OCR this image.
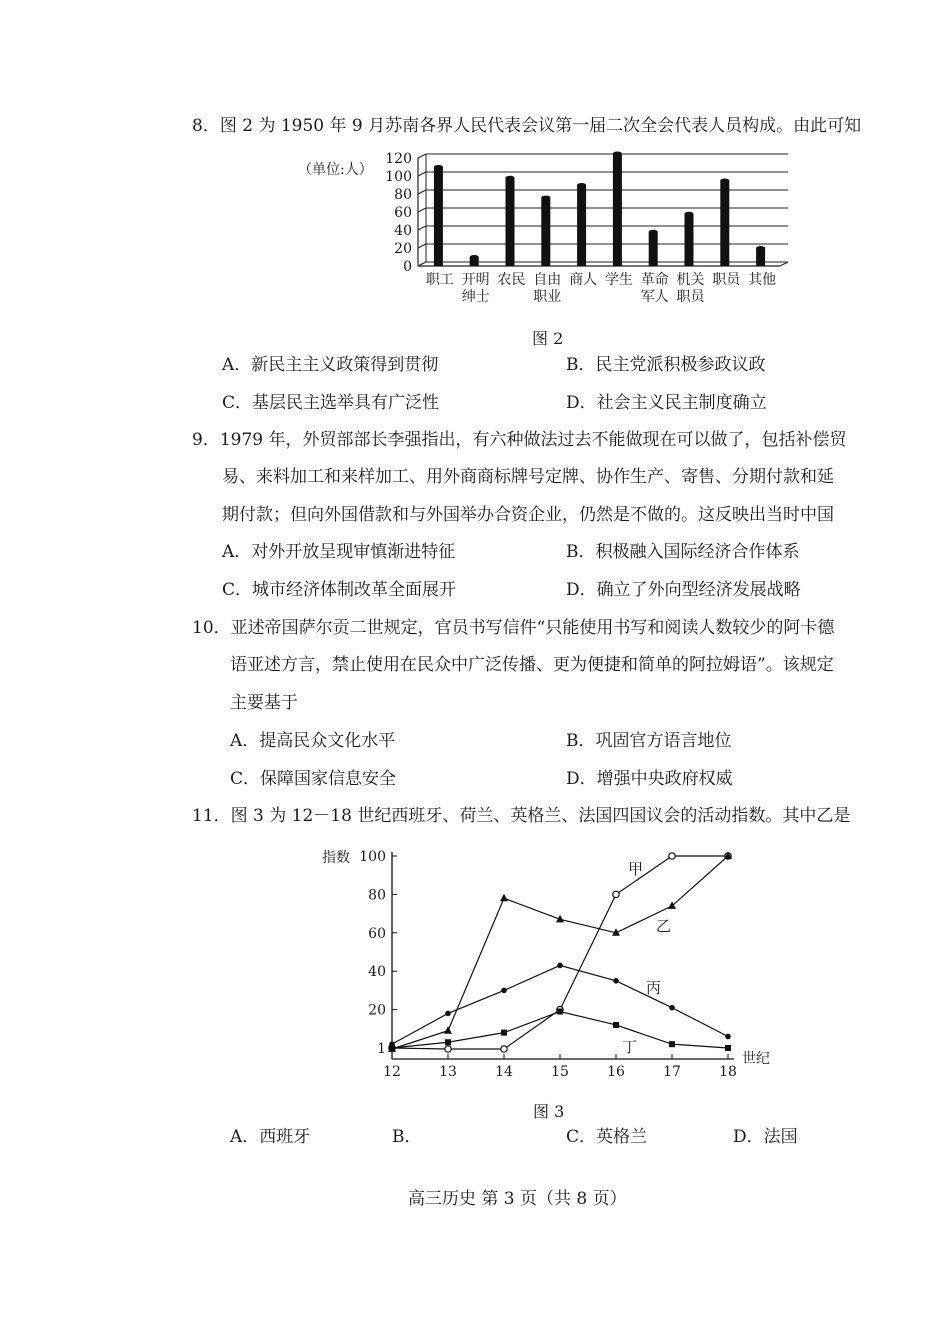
8．图 2 为 1950 年 9 月苏南各界人民代表会议第一届二次全会代表人员构成。由此可知
0
20
40
60
80
100
120
（单位:人）
职工 开明
绅士
农民 自由
职业
商人 学生 革命
军人
机关
职员
职员 其他
图 2
A．新民主主义政策得到贯彻	B．民主党派积极参政议政
C．基层民主选举具有广泛性	D．社会主义民主制度确立
9．1979 年，外贸部部长李强指出，有六种做法过去不能做现在可以做了，包括补偿贸
易、来料加工和来样加工、用外商商标牌号定牌、协作生产、寄售、分期付款和延
期付款；但向外国借款和与外国举办合资企业，仍然是不做的。这反映出当时中国
A．对外开放呈现审慎渐进特征	B．积极融入国际经济合作体系
C．城市经济体制改革全面展开	D．确立了外向型经济发展战略
10．亚述帝国萨尔贡二世规定，官员书写信件“只能使用书写和阅读人数较少的阿卡德
语亚述方言，禁止使用在民众中广泛传播、更为便捷和简单的阿拉姆语”。该规定
主要基于
A．提高民众文化水平	B．巩固官方语言地位
C．保障国家信息安全	D．增强中央政府权威
11．图 3 为 12－18 世纪西班牙、荷兰、英格兰、法国四国议会的活动指数。其中乙是
1
20
40
60
80
100
指数
12	13	14	15	16	17	18
世纪
甲
乙
丙
丁
图 3
A．西班牙	B．	C．英格兰	D．法国
高三历史 第 3 页（共 8 页）
